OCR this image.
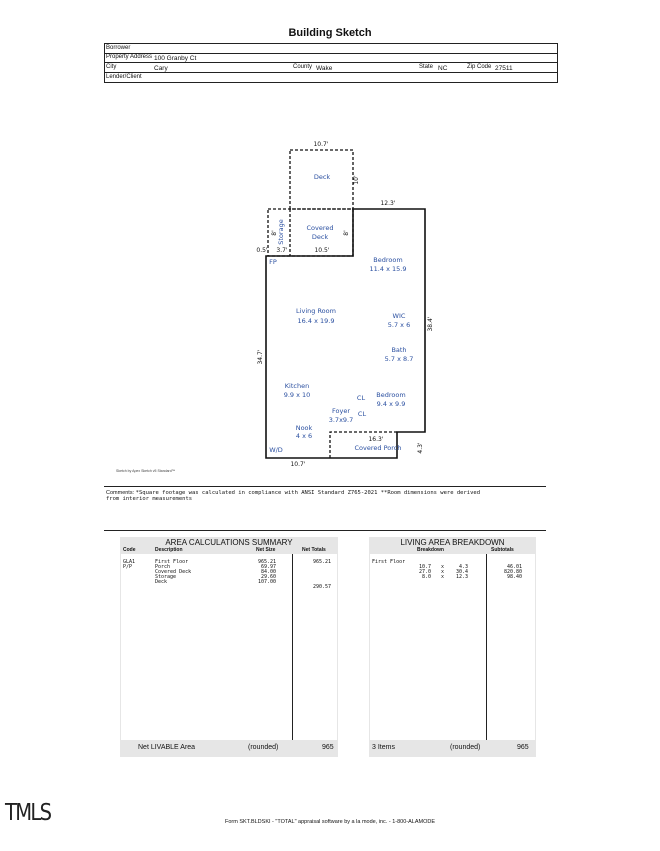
Building Sketch
Borrower
Property Address 100 Granby Ct
City	Cary	County Wake	State NC	Zip Code 27511
Lender/Client
10.7'
10'
12.3'
8'	8'
0.5' 3.7'	10.5'
38.4'
34.7'
16.3'
4.3'
10.7'
Deck
Covered
Deck
Storage
FP	Bedroom
11.4 x 15.9
Living Room
16.4 x 19.9
WIC
5.7 x 6
Bath
5.7 x 8.7
Kitchen
9.9 x 10	CL Bedroom
9.4 x 9.9
Foyer
3.7x9.7
CL
Nook
4 x 6
W/D	Covered Porch
Sketch by Apex Sketch v5 Standard™
Comments: *Square footage was calculated in compliance with ANSI Standard Z765-2021 **Room dimensions were derived
from interior measurements
AREA CALCULATIONS SUMMARY
Code	Description	Net Size	Net Totals
GLA1	First Floor	965.21	965.21
P/P	Porch	69.97
Covered Deck	84.00
Storage	29.60
Deck	107.00
290.57
Net LIVABLE Area	(rounded)	965
LIVING AREA BREAKDOWN
Breakdown	Subtotals
First Floor
10.7 x	4.3	46.01
27.0 x 30.4	820.80
8.0 x 12.3	98.40
3 Items	(rounded)	965
TMLS	Form SKT.BLDSKI - "TOTAL" appraisal software by a la mode, inc. - 1-800-ALAMODE
